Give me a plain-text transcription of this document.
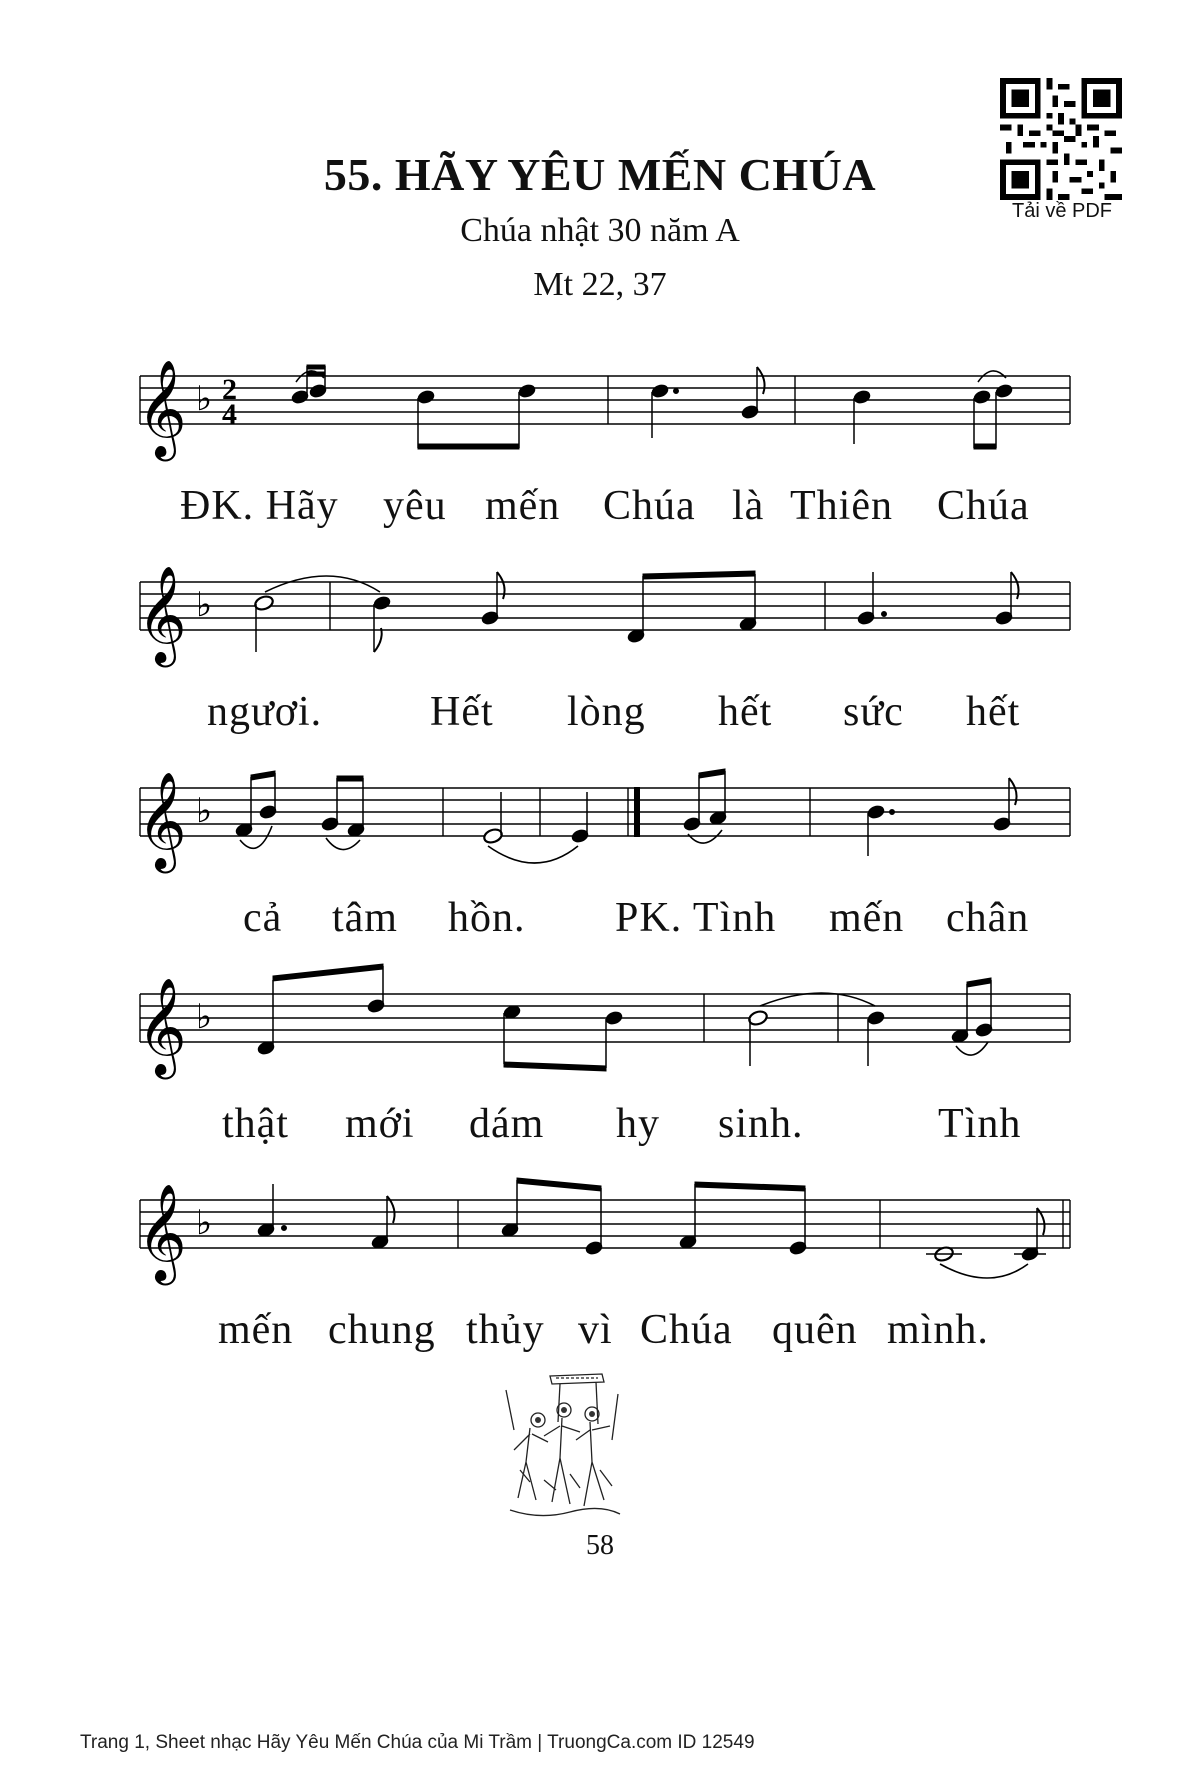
55. HÃY YÊU MẾN CHÚA
Chúa nhật 30 năm A
Mt 22, 37
Tải về PDF
𝄞 ♭ 2
4
ĐK. Hãy yêu mến Chúa là Thiên Chúa
𝄞 ♭
ngươi.	Hết lòng hết sức hết
𝄞 ♭
cả tâm hồn. PK. Tình mến chân
𝄞 ♭
thật mới dám hy sinh.	Tình
𝄞 ♭
mến chung thủy vì Chúa quên mình.
58
Trang 1, Sheet nhạc Hãy Yêu Mến Chúa của Mi Trầm | TruongCa.com ID 12549
